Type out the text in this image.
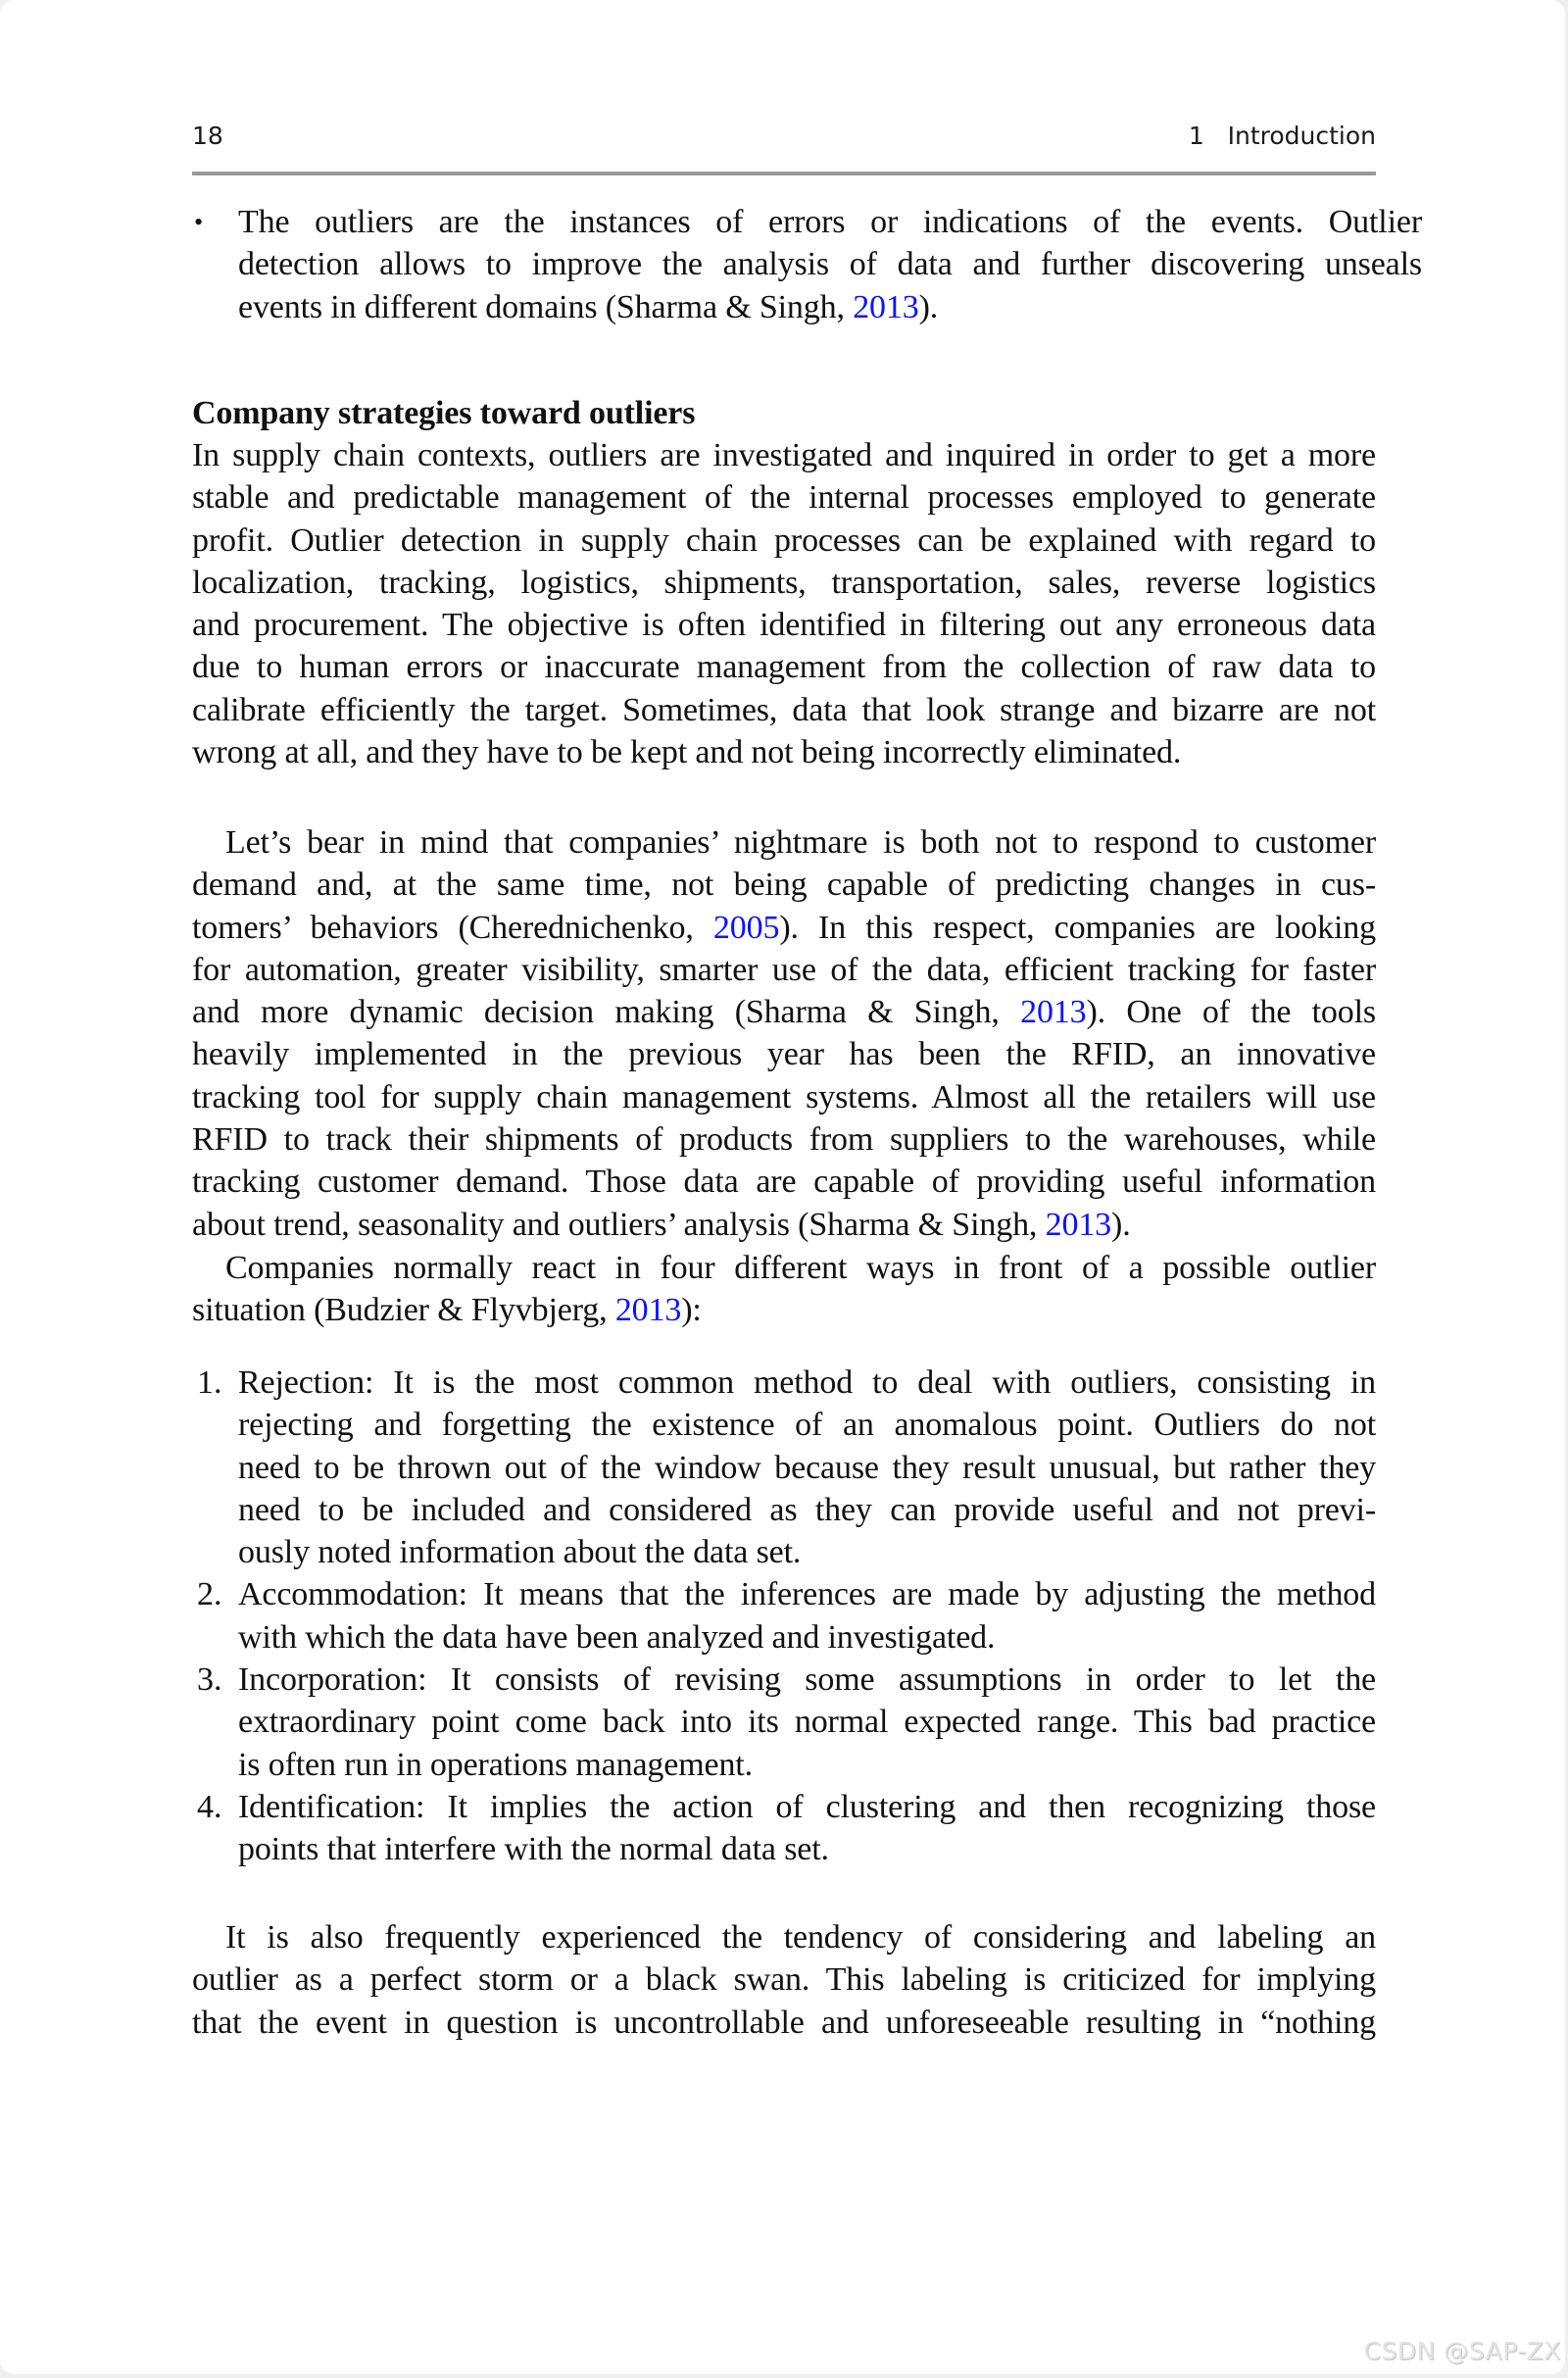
18	1   Introduction
• The outliers are the instances of errors or indications of the events. Outlier
detection allows to improve the analysis of data and further discovering unseals
events in different domains (Sharma & Singh, 2013).
Company strategies toward outliers
In supply chain contexts, outliers are investigated and inquired in order to get a more
stable and predictable management of the internal processes employed to generate
profit. Outlier detection in supply chain processes can be explained with regard to
localization, tracking, logistics, shipments, transportation, sales, reverse logistics
and procurement. The objective is often identified in filtering out any erroneous data
due to human errors or inaccurate management from the collection of raw data to
calibrate efficiently the target. Sometimes, data that look strange and bizarre are not
wrong at all, and they have to be kept and not being incorrectly eliminated.
Let’s bear in mind that companies’ nightmare is both not to respond to customer
demand and, at the same time, not being capable of predicting changes in cus-
tomers’ behaviors (Cherednichenko, 2005). In this respect, companies are looking
for automation, greater visibility, smarter use of the data, efficient tracking for faster
and more dynamic decision making (Sharma & Singh, 2013). One of the tools
heavily implemented in the previous year has been the RFID, an innovative
tracking tool for supply chain management systems. Almost all the retailers will use
RFID to track their shipments of products from suppliers to the warehouses, while
tracking customer demand. Those data are capable of providing useful information
about trend, seasonality and outliers’ analysis (Sharma & Singh, 2013).
Companies normally react in four different ways in front of a possible outlier
situation (Budzier & Flyvbjerg, 2013):
1. Rejection: It is the most common method to deal with outliers, consisting in
rejecting and forgetting the existence of an anomalous point. Outliers do not
need to be thrown out of the window because they result unusual, but rather they
need to be included and considered as they can provide useful and not previ-
ously noted information about the data set.
2. Accommodation: It means that the inferences are made by adjusting the method
with which the data have been analyzed and investigated.
3. Incorporation: It consists of revising some assumptions in order to let the
extraordinary point come back into its normal expected range. This bad practice
is often run in operations management.
4. Identification: It implies the action of clustering and then recognizing those
points that interfere with the normal data set.
It is also frequently experienced the tendency of considering and labeling an
outlier as a perfect storm or a black swan. This labeling is criticized for implying
that the event in question is uncontrollable and unforeseeable resulting in “nothing
CSDN @SAP-ZX
